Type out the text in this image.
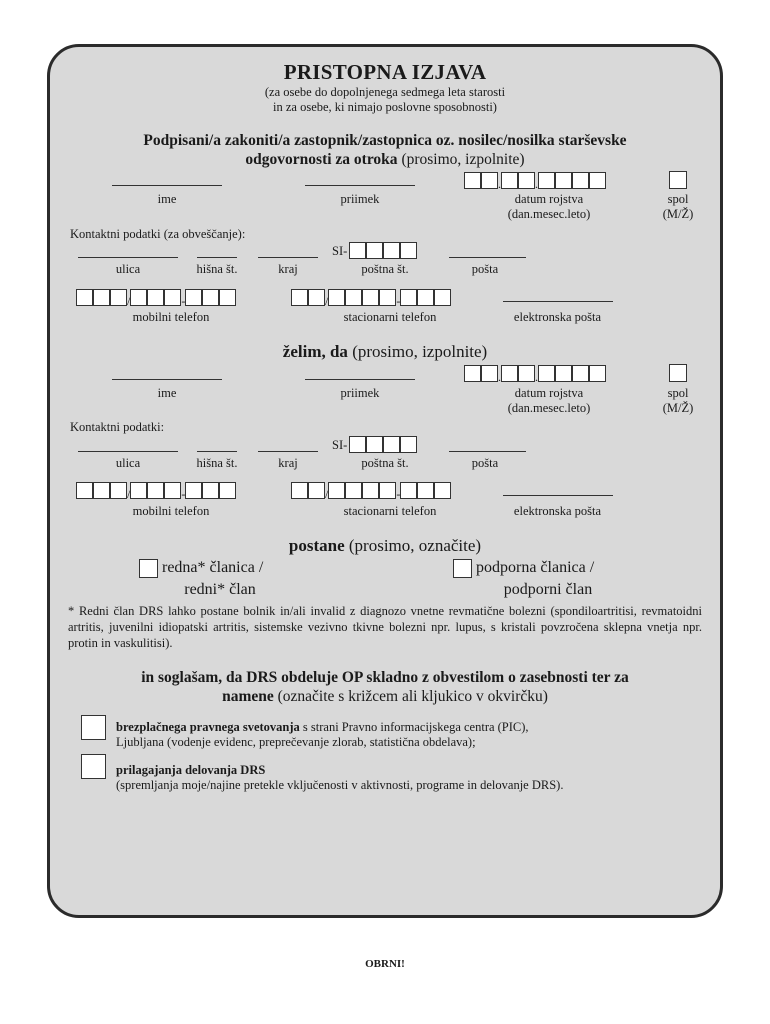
PRISTOPNA IZJAVA
(za osebe do dopolnjenega sedmega leta starosti
in za osebe, ki nimajo poslovne sposobnosti)
Podpisani/a zakoniti/a zastopnik/zastopnica oz. nosilec/nosilka starševske
odgovornosti za otroka (prosimo, izpolnite)
.	.
ime	priimek	datum rojstva
(dan.mesec.leto)
spol
(M/Ž)
Kontaktni podatki (za obveščanje):
SI-
ulica	hišna št.	kraj	poštna št.	pošta
/	-	/	-
mobilni telefon	stacionarni telefon	elektronska pošta
želim, da (prosimo, izpolnite)
.	.
ime	priimek	datum rojstva
(dan.mesec.leto)
spol
(M/Ž)
Kontaktni podatki:
SI-
ulica	hišna št.	kraj	poštna št.	pošta
/	-	/	-
mobilni telefon	stacionarni telefon	elektronska pošta
postane (prosimo, označite)
redna* članica /
redni* član
podporna članica /
podporni član
* Redni član DRS lahko postane bolnik in/ali invalid z diagnozo vnetne revmatične bolezni (spondiloartritisi, revmatoidni artritis, juvenilni idiopatski artritis, sistemske vezivno tkivne bolezni npr. lupus, s kristali povzročena sklepna vnetja npr. protin in vaskulitisi).
in soglašam, da DRS obdeluje OP skladno z obvestilom o zasebnosti ter za
namene (označite s križcem ali kljukico v okvirčku)
brezplačnega pravnega svetovanja s strani Pravno informacijskega centra (PIC),
Ljubljana (vodenje evidenc, preprečevanje zlorab, statistična obdelava);
prilagajanja delovanja DRS
(spremljanja moje/najine pretekle vključenosti v aktivnosti, programe in delovanje DRS).
OBRNI!
